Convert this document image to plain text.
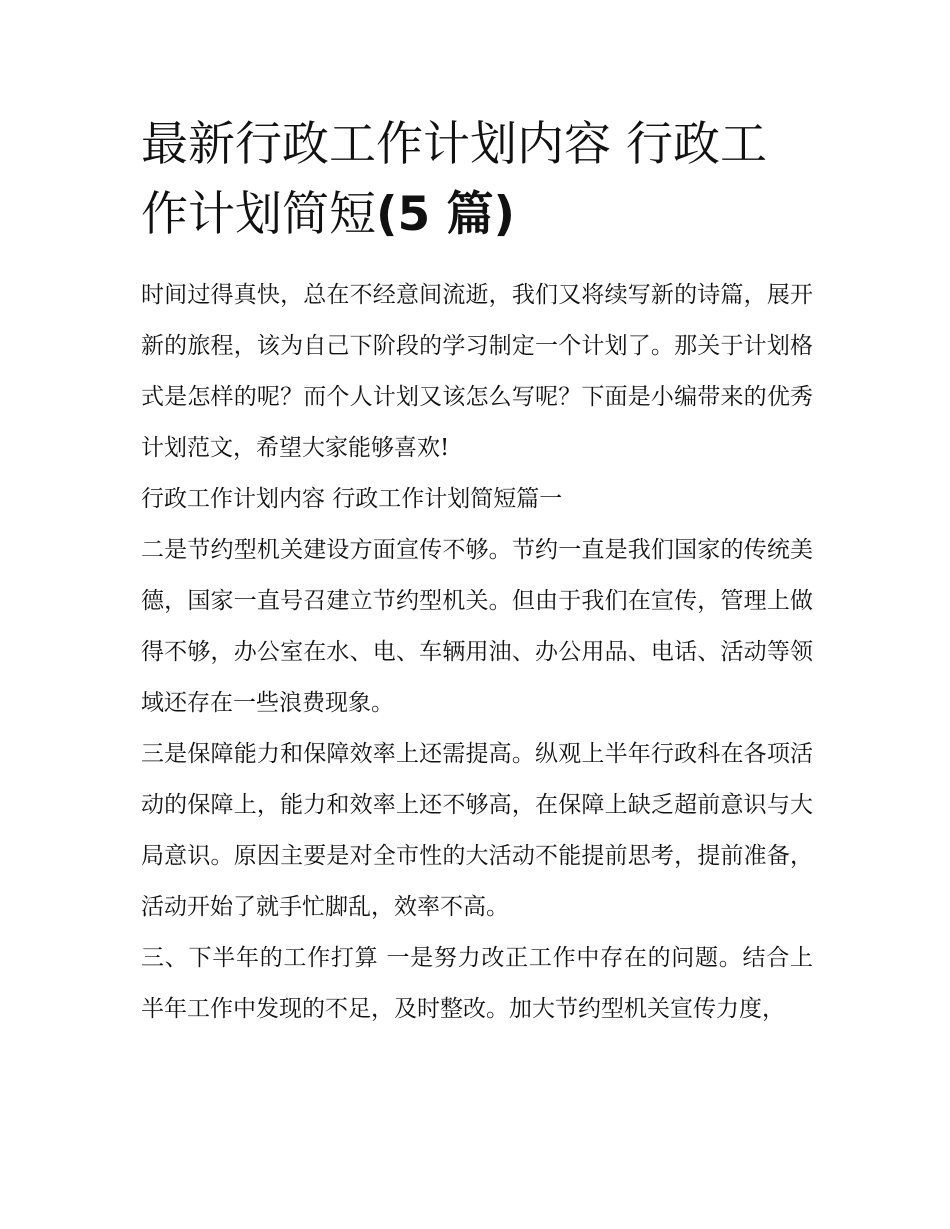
最新行政工作计划内容 行政工作计划简短(5 篇)

时间过得真快，总在不经意间流逝，我们又将续写新的诗篇，展开新的旅程，该为自己下阶段的学习制定一个计划了。那关于计划格式是怎样的呢？而个人计划又该怎么写呢？下面是小编带来的优秀计划范文，希望大家能够喜欢!

行政工作计划内容 行政工作计划简短篇一

二是节约型机关建设方面宣传不够。节约一直是我们国家的传统美德，国家一直号召建立节约型机关。但由于我们在宣传，管理上做得不够，办公室在水、电、车辆用油、办公用品、电话、活动等领域还存在一些浪费现象。

三是保障能力和保障效率上还需提高。纵观上半年行政科在各项活动的保障上，能力和效率上还不够高，在保障上缺乏超前意识与大局意识。原因主要是对全市性的大活动不能提前思考，提前准备，活动开始了就手忙脚乱，效率不高。

三、下半年的工作打算 一是努力改正工作中存在的问题。结合上半年工作中发现的不足，及时整改。加大节约型机关宣传力度，
